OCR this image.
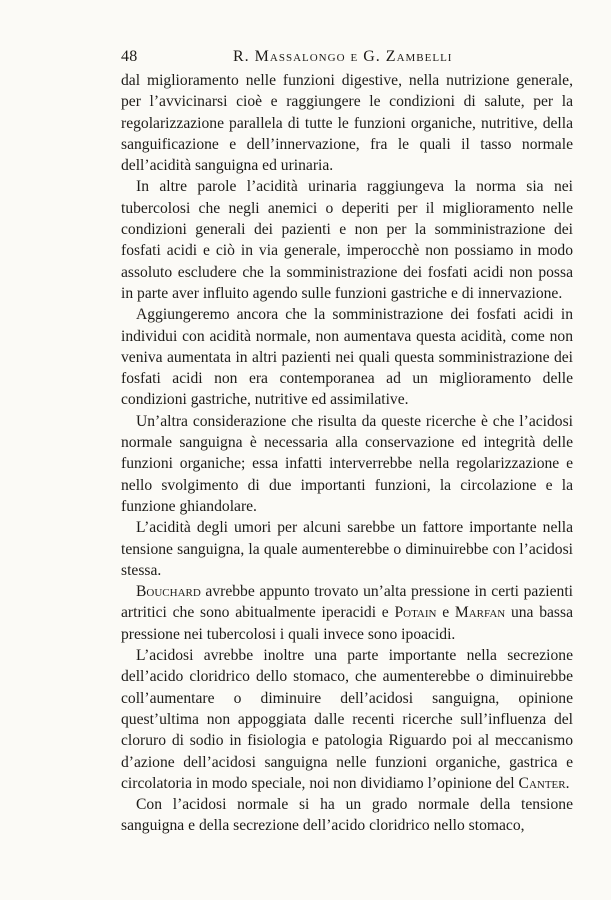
48	R. Massalongo e G. Zambelli

dal miglioramento nelle funzioni digestive, nella nutrizione generale, per l’avvicinarsi cioè e raggiungere le condizioni di salute, per la regolarizzazione parallela di tutte le funzioni organiche, nutritive, della sanguificazione e dell’innervazione, fra le quali il tasso normale dell’acidità sanguigna ed urinaria.

In altre parole l’acidità urinaria raggiungeva la norma sia nei tubercolosi che negli anemici o deperiti per il miglioramento nelle condizioni generali dei pazienti e non per la somministrazione dei fosfati acidi e ciò in via generale, imperocchè non possiamo in modo assoluto escludere che la somministrazione dei fosfati acidi non possa in parte aver influito agendo sulle funzioni gastriche e di innervazione.

Aggiungeremo ancora che la somministrazione dei fosfati acidi in individui con acidità normale, non aumentava questa acidità, come non veniva aumentata in altri pazienti nei quali questa somministrazione dei fosfati acidi non era contemporanea ad un miglioramento delle condizioni gastriche, nutritive ed assimilative.

Un’altra considerazione che risulta da queste ricerche è che l’acidosi normale sanguigna è necessaria alla conservazione ed integrità delle funzioni organiche; essa infatti interverrebbe nella regolarizzazione e nello svolgimento di due importanti funzioni, la circolazione e la funzione ghiandolare.

L’acidità degli umori per alcuni sarebbe un fattore importante nella tensione sanguigna, la quale aumenterebbe o diminuirebbe con l’acidosi stessa.

Bouchard avrebbe appunto trovato un’alta pressione in certi pazienti artritici che sono abitualmente iperacidi e Potain e Marfan una bassa pressione nei tubercolosi i quali invece sono ipoacidi.

L’acidosi avrebbe inoltre una parte importante nella secrezione dell’acido cloridrico dello stomaco, che aumenterebbe o diminuirebbe coll’aumentare o diminuire dell’acidosi sanguigna, opinione quest’ultima non appoggiata dalle recenti ricerche sull’influenza del cloruro di sodio in fisiologia e patologia Riguardo poi al meccanismo d’azione dell’acidosi sanguigna nelle funzioni organiche, gastrica e circolatoria in modo speciale, noi non dividiamo l’opinione del Canter.

Con l’acidosi normale si ha un grado normale della tensione sanguigna e della secrezione dell’acido cloridrico nello stomaco,
